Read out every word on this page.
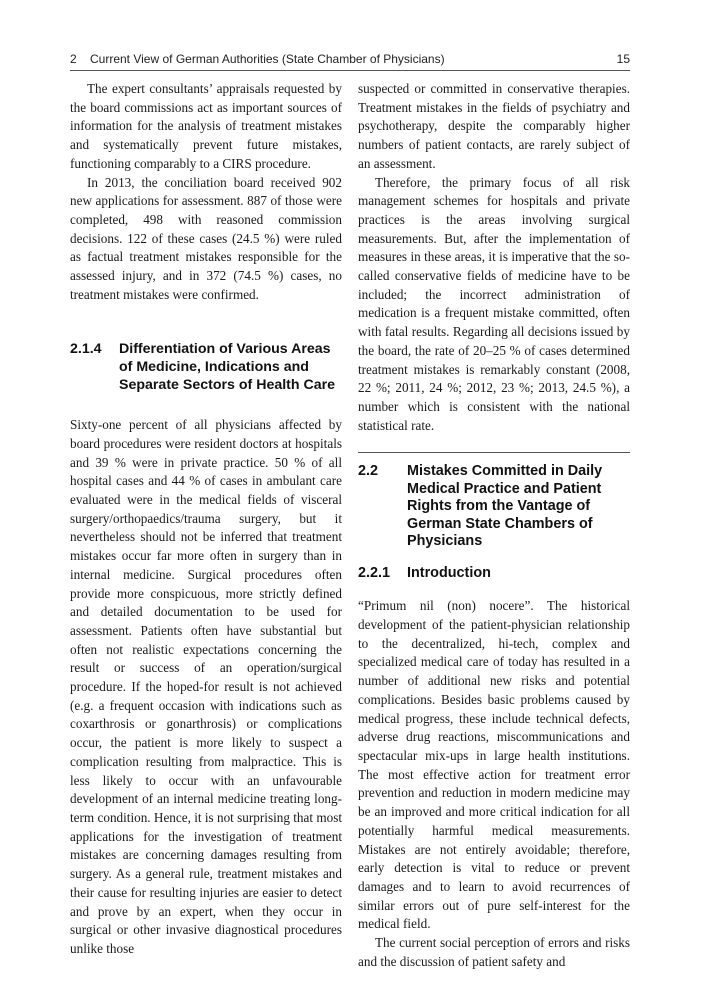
2 Current View of German Authorities (State Chamber of Physicians)	15

The expert consultants’ appraisals requested by the board commissions act as important sources of information for the analysis of treatment mistakes and systematically prevent future mistakes, functioning comparably to a CIRS procedure.

In 2013, the conciliation board received 902 new applications for assessment. 887 of those were completed, 498 with reasoned commission decisions. 122 of these cases (24.5 %) were ruled as factual treatment mistakes responsible for the assessed injury, and in 372 (74.5 %) cases, no treatment mistakes were confirmed.

2.1.4	Differentiation of Various Areas of Medicine, Indications and Separate Sectors of Health Care

Sixty-one percent of all physicians affected by board procedures were resident doctors at hospitals and 39 % were in private practice. 50 % of all hospital cases and 44 % of cases in ambulant care evaluated were in the medical fields of visceral surgery/orthopaedics/trauma surgery, but it nevertheless should not be inferred that treatment mistakes occur far more often in surgery than in internal medicine. Surgical procedures often provide more conspicuous, more strictly defined and detailed documentation to be used for assessment. Patients often have substantial but often not realistic expectations concerning the result or success of an operation/surgical procedure. If the hoped-for result is not achieved (e.g. a frequent occasion with indications such as coxarthrosis or gonarthrosis) or complications occur, the patient is more likely to suspect a complication resulting from malpractice. This is less likely to occur with an unfavourable development of an internal medicine treating long-term condition. Hence, it is not surprising that most applications for the investigation of treatment mistakes are concerning damages resulting from surgery. As a general rule, treatment mistakes and their cause for resulting injuries are easier to detect and prove by an expert, when they occur in surgical or other invasive diagnostical procedures unlike those

suspected or committed in conservative therapies. Treatment mistakes in the fields of psychiatry and psychotherapy, despite the comparably higher numbers of patient contacts, are rarely subject of an assessment.

Therefore, the primary focus of all risk management schemes for hospitals and private practices is the areas involving surgical measurements. But, after the implementation of measures in these areas, it is imperative that the so-called conservative fields of medicine have to be included; the incorrect administration of medication is a frequent mistake committed, often with fatal results. Regarding all decisions issued by the board, the rate of 20–25 % of cases determined treatment mistakes is remarkably constant (2008, 22 %; 2011, 24 %; 2012, 23 %; 2013, 24.5 %), a number which is consistent with the national statistical rate.

2.2	Mistakes Committed in Daily Medical Practice and Patient Rights from the Vantage of German State Chambers of Physicians
2.2.1	Introduction

“Primum nil (non) nocere”. The historical development of the patient-physician relationship to the decentralized, hi-tech, complex and specialized medical care of today has resulted in a number of additional new risks and potential complications. Besides basic problems caused by medical progress, these include technical defects, adverse drug reactions, miscommunications and spectacular mix-ups in large health institutions. The most effective action for treatment error prevention and reduction in modern medicine may be an improved and more critical indication for all potentially harmful medical measurements. Mistakes are not entirely avoidable; therefore, early detection is vital to reduce or prevent damages and to learn to avoid recurrences of similar errors out of pure self-interest for the medical field.

The current social perception of errors and risks and the discussion of patient safety and
